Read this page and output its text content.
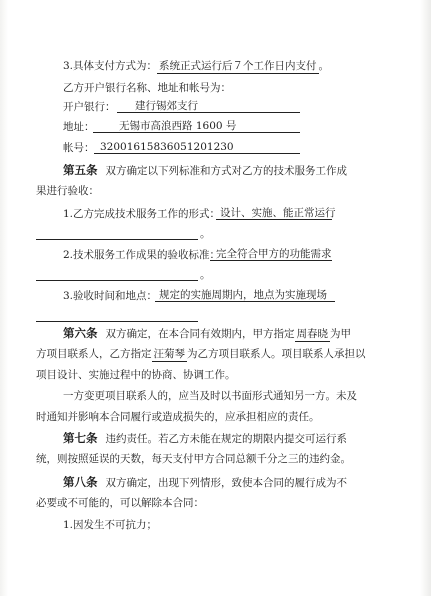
3.具体支付方式为： 系统正式运行后７个工作日内支付 。
乙方开户银行名称、地址和帐号为：
开户银行：	建行锡郊支行
地址：	无锡市高浪西路 1600 号
帐号： 32001615836051201230
第五条 双方确定以下列标准和方式对乙方的技术服务工作成
果进行验收：
1.乙方完成技术服务工作的形式： 设计、实施、能正常运行
。
2.技术服务工作成果的验收标准：
完全符合甲方的功能需求
。
3.验收时间和地点： 规定的实施周期内，地点为实施现场
第六条 双方确定，在本合同有效期内，甲方指定 周春晓 为甲
方项目联系人，乙方指定 汪菊琴 为乙方项目联系人。项目联系人承担以
项目设计、实施过程中的协商、协调工作。
一方变更项目联系人的，应当及时以书面形式通知另一方。未及
时通知并影响本合同履行或造成损失的，应承担相应的责任。
第七条 违约责任。若乙方未能在规定的期限内提交可运行系
统，则按照延误的天数，每天支付甲方合同总额千分之三的违约金。
第八条 双方确定，出现下列情形，致使本合同的履行成为不
必要或不可能的，可以解除本合同：
1.因发生不可抗力；
